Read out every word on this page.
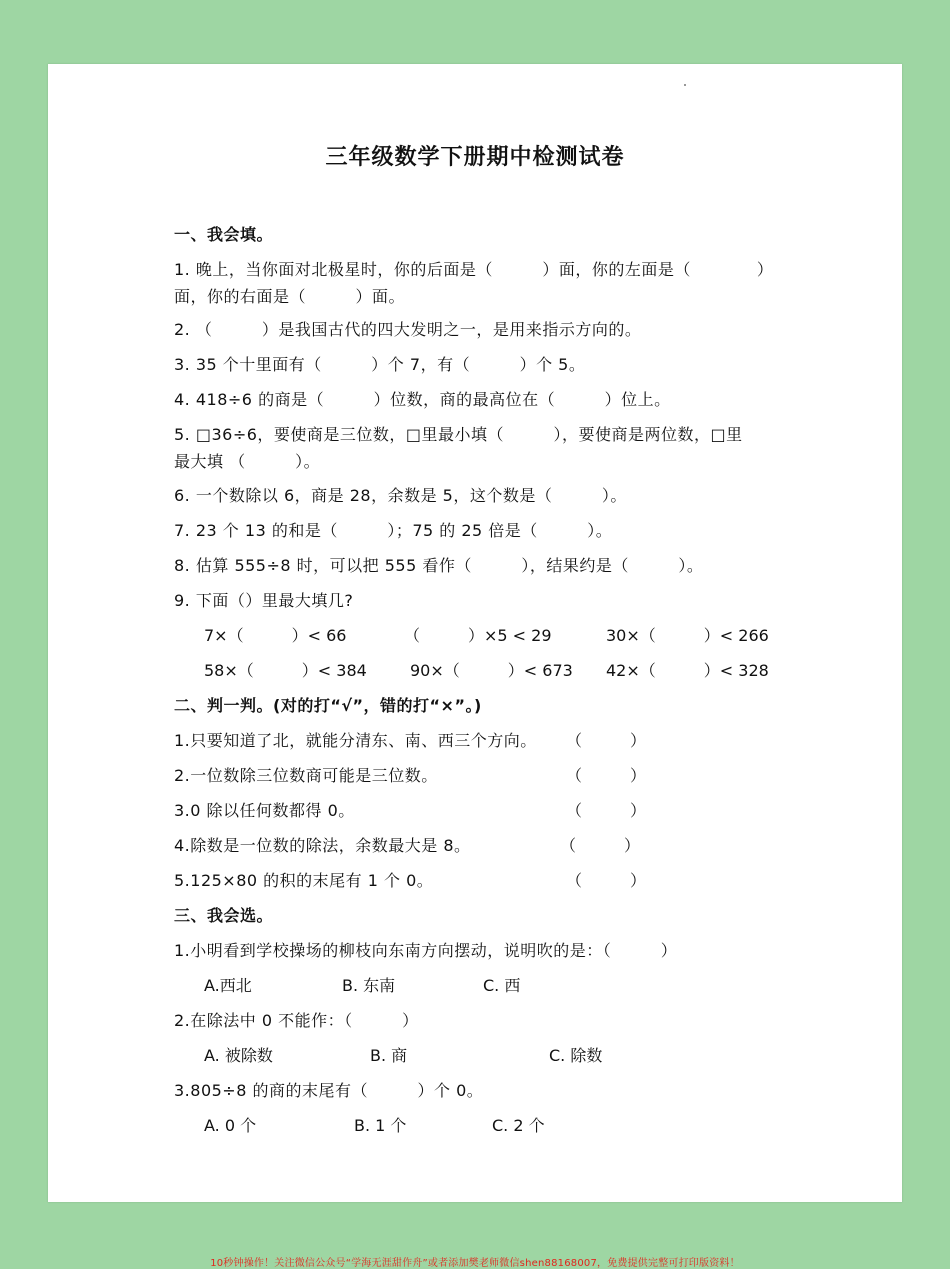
三年级数学下册期中检测试卷
一、我会填。
1. 晚上，当你面对北极星时，你的后面是（　　　）面，你的左面是（　　　　）
面，你的右面是（　　　）面。
2. （　　　）是我国古代的四大发明之一，是用来指示方向的。
3. 35 个十里面有（　　　）个 7，有（　　　）个 5。
4. 418÷6 的商是（　　　）位数，商的最高位在（　　　）位上。
5. □36÷6，要使商是三位数，□里最小填（　　　），要使商是两位数，□里
最大填 （　　　）。
6. 一个数除以 6，商是 28，余数是 5，这个数是（　　　）。
7. 23 个 13 的和是（　　　）；75 的 25 倍是（　　　）。
8. 估算 555÷8 时，可以把 555 看作（　　　），结果约是（　　　）。
9. 下面（）里最大填几?
7×（　　　）< 66	（　　　）×5 < 29	30×（　　　）< 266
58×（　　　）< 384	90×（　　　）< 673 42×（　　　）< 328
二、判一判。(对的打“√”，错的打“×”。)
1.只要知道了北，就能分清东、南、西三个方向。 （　　　）
2.一位数除三位数商可能是三位数。	（　　　）
3.0 除以任何数都得 0。	（　　　）
4.除数是一位数的除法，余数最大是 8。	（　　　）
5.125×80 的积的末尾有 1 个 0。	（　　　）
三、我会选。
1.小明看到学校操场的柳枝向东南方向摆动，说明吹的是：（　　　）
A.西北	B. 东南	C. 西
2.在除法中 0 不能作：（　　　）
A. 被除数	B. 商	C. 除数
3.805÷8 的商的末尾有（　　　）个 0。
A. 0 个	B. 1 个	C. 2 个
10秒钟操作！关注微信公众号“学海无涯甜作舟”或者添加樊老师微信shen88168007，免费提供完整可打印版资料！
